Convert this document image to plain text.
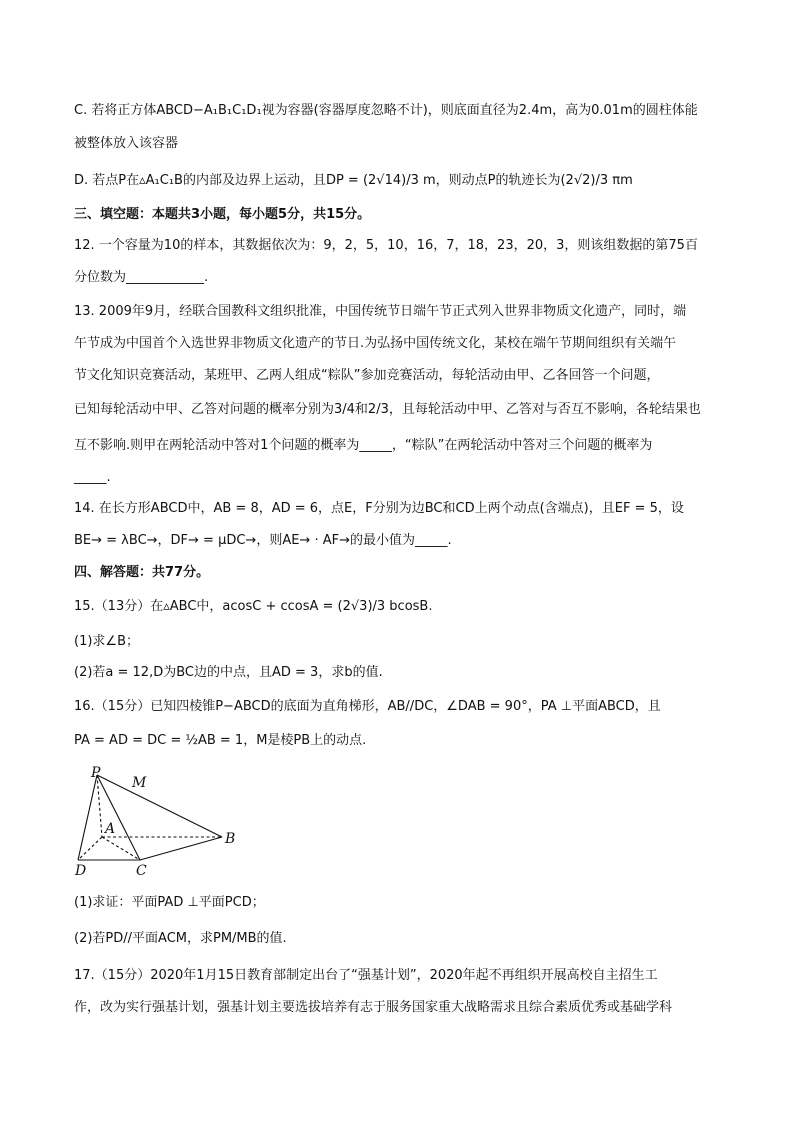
C. 若将正方体ABCD−A₁B₁C₁D₁视为容器(容器厚度忽略不计)，则底面直径为2.4m，高为0.01m的圆柱体能
被整体放入该容器
D. 若点P在▵A₁C₁B的内部及边界上运动，且DP = (2√14)/3 m，则动点P的轨迹长为(2√2)/3 πm
三、填空题：本题共3小题，每小题5分，共15分。
12. 一个容量为10的样本，其数据依次为：9，2，5，10，16，7，18，23，20，3，则该组数据的第75百
分位数为____________.
13. 2009年9月，经联合国教科文组织批准，中国传统节日端午节正式列入世界非物质文化遗产，同时，端
午节成为中国首个入选世界非物质文化遗产的节日.为弘扬中国传统文化，某校在端午节期间组织有关端午
节文化知识竞赛活动，某班甲、乙两人组成“粽队”参加竞赛活动，每轮活动由甲、乙各回答一个问题，
已知每轮活动中甲、乙答对问题的概率分别为3/4和2/3，且每轮活动中甲、乙答对与否互不影响，各轮结果也
互不影响.则甲在两轮活动中答对1个问题的概率为_____，“粽队”在两轮活动中答对三个问题的概率为
_____.
14. 在长方形ABCD中，AB = 8，AD = 6，点E，F分别为边BC和CD上两个动点(含端点)，且EF = 5，设
BE→ = λBC→，DF→ = μDC→，则AE→ · AF→的最小值为_____.
四、解答题：共77分。
15.（13分）在▵ABC中，acosC + ccosA = (2√3)/3 bcosB.
(1)求∠B；
(2)若a = 12,D为BC边的中点，且AD = 3，求b的值.
16.（15分）已知四棱锥P−ABCD的底面为直角梯形，AB//DC，∠DAB = 90°，PA ⊥平面ABCD，且
PA = AD = DC = ½AB = 1，M是棱PB上的动点.
P
M
A
B
D	C
(1)求证：平面PAD ⊥平面PCD；
(2)若PD//平面ACM，求PM/MB的值.
17.（15分）2020年1月15日教育部制定出台了“强基计划”，2020年起不再组织开展高校自主招生工
作，改为实行强基计划，强基计划主要选拔培养有志于服务国家重大战略需求且综合素质优秀或基础学科
